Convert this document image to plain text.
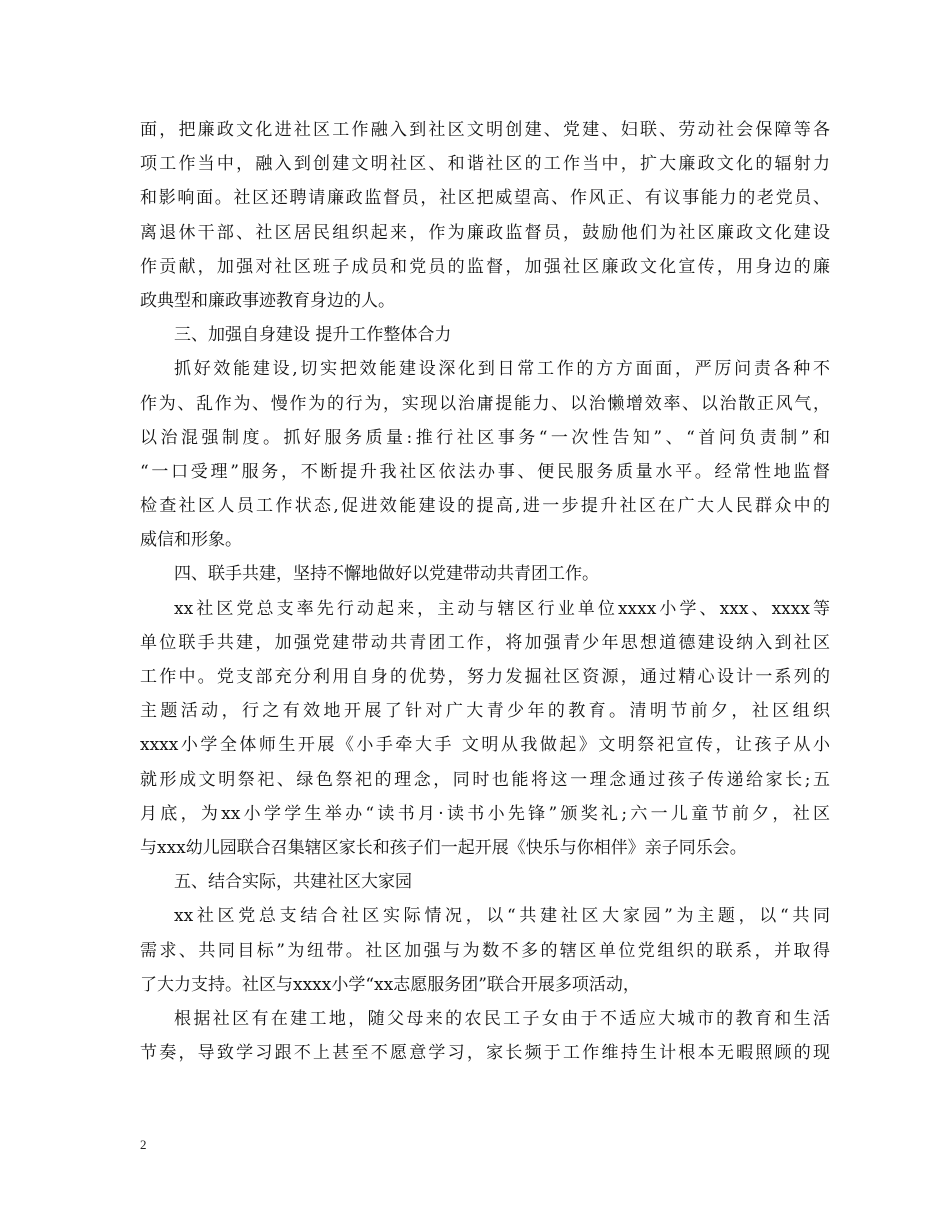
面，把廉政文化进社区工作融入到社区文明创建、党建、妇联、劳动社会保障等各
项工作当中，融入到创建文明社区、和谐社区的工作当中，扩大廉政文化的辐射力
和影响面。社区还聘请廉政监督员，社区把威望高、作风正、有议事能力的老党员、
离退休干部、社区居民组织起来，作为廉政监督员，鼓励他们为社区廉政文化建设
作贡献，加强对社区班子成员和党员的监督，加强社区廉政文化宣传，用身边的廉
政典型和廉政事迹教育身边的人。
三、加强自身建设 提升工作整体合力
抓好效能建设,切实把效能建设深化到日常工作的方方面面，严厉问责各种不
作为、乱作为、慢作为的行为，实现以治庸提能力、以治懒增效率、以治散正风气，
以治混强制度。抓好服务质量:推行社区事务“一次性告知”、“首问负责制”和
“一口受理”服务，不断提升我社区依法办事、便民服务质量水平。经常性地监督
检查社区人员工作状态,促进效能建设的提高,进一步提升社区在广大人民群众中的
威信和形象。
四、联手共建，坚持不懈地做好以党建带动共青团工作。
xx社区党总支率先行动起来，主动与辖区行业单位xxxx小学、xxx、xxxx等
单位联手共建，加强党建带动共青团工作，将加强青少年思想道德建设纳入到社区
工作中。党支部充分利用自身的优势，努力发掘社区资源，通过精心设计一系列的
主题活动，行之有效地开展了针对广大青少年的教育。清明节前夕，社区组织
xxxx小学全体师生开展《小手牵大手 文明从我做起》文明祭祀宣传，让孩子从小
就形成文明祭祀、绿色祭祀的理念，同时也能将这一理念通过孩子传递给家长;五
月底，为xx小学学生举办“读书月·读书小先锋”颁奖礼;六一儿童节前夕，社区
与xxx幼儿园联合召集辖区家长和孩子们一起开展《快乐与你相伴》亲子同乐会。
五、结合实际，共建社区大家园
xx社区党总支结合社区实际情况，以“共建社区大家园”为主题，以“共同
需求、共同目标”为纽带。社区加强与为数不多的辖区单位党组织的联系，并取得
了大力支持。社区与xxxx小学“xx志愿服务团”联合开展多项活动，
根据社区有在建工地，随父母来的农民工子女由于不适应大城市的教育和生活
节奏，导致学习跟不上甚至不愿意学习，家长频于工作维持生计根本无暇照顾的现
2
